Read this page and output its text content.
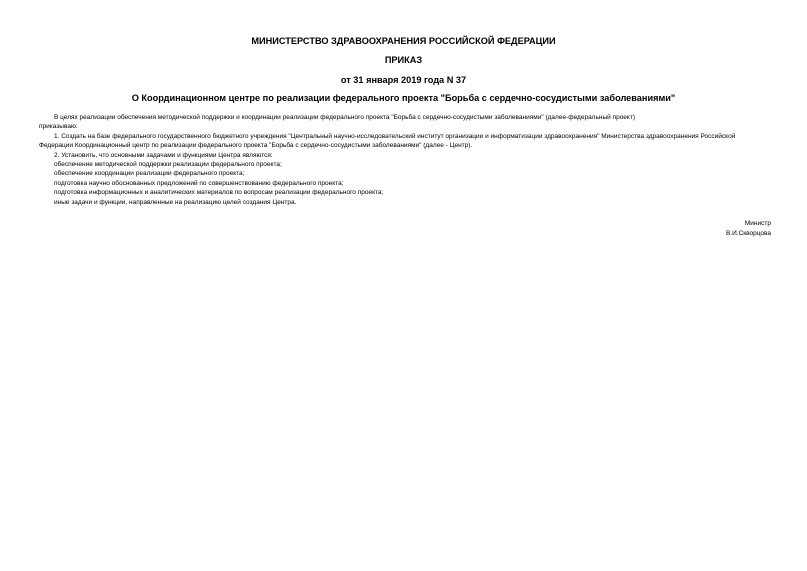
МИНИСТЕРСТВО ЗДРАВООХРАНЕНИЯ РОССИЙСКОЙ ФЕДЕРАЦИИ
ПРИКАЗ
от 31 января 2019 года N 37
О Координационном центре по реализации федерального проекта "Борьба с сердечно-сосудистыми заболеваниями"

В целях реализации обеспечения методической поддержки и координации реализации федерального проекта "Борьба с сердечно-сосудистыми заболеваниями" (далее-федеральный проект)

приказываю:

1. Создать на базе федерального государственного бюджетного учреждения "Центральный научно-исследовательский институт организации и информатизации здравоохранения" Министерства здравоохранения Российской Федерации Координационный центр по реализации федерального проекта "Борьба с сердечно-сосудистыми заболеваниями" (далее - Центр).

2. Установить, что основными задачами и функциями Центра являются:

обеспечение методической поддержки реализации федерального проекта;

обеспечение координации реализации федерального проекта;

подготовка научно обоснованных предложений по совершенствованию федерального проекта;

подготовка информационных и аналитических материалов по вопросам реализации федерального проекта;

иные задачи и функции, направленные на реализацию целей создания Центра.

Министр
В.И.Скворцова
